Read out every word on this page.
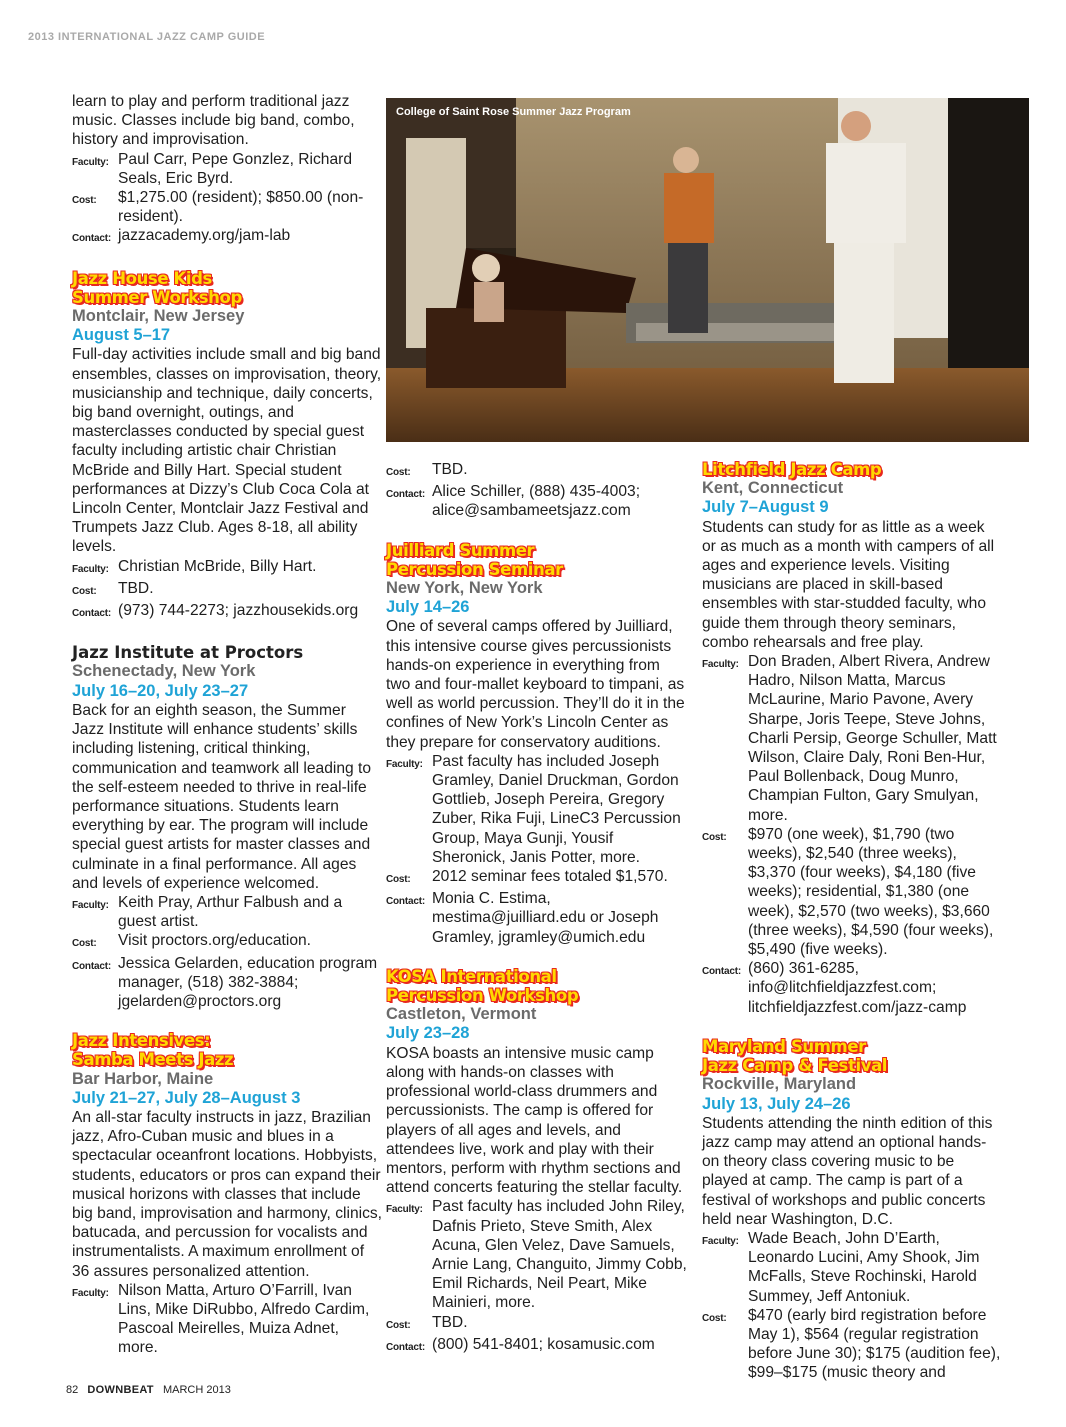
2013 INTERNATIONAL JAZZ CAMP GUIDE
learn to play and perform traditional jazz music. Classes include big band, combo, history and improvisation.
Faculty: Paul Carr, Pepe Gonzlez, Richard Seals, Eric Byrd.
Cost:	$1,275.00 (resident); $850.00 (non-resident).
Contact: jazzacademy.org/jam-lab
Jazz House Kids
Summer Workshop
Montclair, New Jersey
August 5–17
Full-day activities include small and big band ensembles, classes on improvisation, theory, musicianship and technique, daily concerts, big band overnight, outings, and masterclasses conducted by special guest faculty including artistic chair Christian McBride and Billy Hart. Special student performances at Dizzy’s Club Coca Cola at Lincoln Center, Montclair Jazz Festival and Trumpets Jazz Club. Ages 8-18, all ability levels.
Faculty: Christian McBride, Billy Hart.
Cost:	TBD.
Contact: (973) 744-2273; jazzhousekids.org
Jazz Institute at Proctors
Schenectady, New York
July 16–20, July 23–27
Back for an eighth season, the Summer Jazz Institute will enhance students’ skills including listening, critical thinking, communication and teamwork all leading to the self-esteem needed to thrive in real-life performance situations. Students learn everything by ear. The program will include special guest artists for master classes and culminate in a final performance. All ages and levels of experience welcomed.
Faculty: Keith Pray, Arthur Falbush and a guest artist.
Cost:	Visit proctors.org/education.
Contact: Jessica Gelarden, education program manager, (518) 382-3884; jgelarden@proctors.org
Jazz Intensives:
Samba Meets Jazz
Bar Harbor, Maine
July 21–27, July 28–August 3
An all-star faculty instructs in jazz, Brazilian jazz, Afro-Cuban music and blues in a spectacular oceanfront locations. Hobbyists, students, educators or pros can expand their musical horizons with classes that include big band, improvisation and harmony, clinics, batucada, and percussion for vocalists and instrumentalists. A maximum enrollment of 36 assures personalized attention.
Faculty: Nilson Matta, Arturo O’Farrill, Ivan Lins, Mike DiRubbo, Alfredo Cardim, Pascoal Meirelles, Muiza Adnet, more.
College of Saint Rose Summer Jazz Program
Cost:	TBD.
Contact: Alice Schiller, (888) 435-4003; alice@sambameetsjazz.com
Juilliard Summer
Percussion Seminar
New York, New York
July 14–26
One of several camps offered by Juilliard, this intensive course gives percussionists hands-on experience in everything from two and four-mallet keyboard to timpani, as well as world percussion. They’ll do it in the confines of New York’s Lincoln Center as they prepare for conservatory auditions.
Faculty: Past faculty has included Joseph Gramley, Daniel Druckman, Gordon Gottlieb, Joseph Pereira, Gregory Zuber, Rika Fuji, LineC3 Percussion Group, Maya Gunji, Yousif Sheronick, Janis Potter, more.
Cost:	2012 seminar fees totaled $1,570.
Contact: Monia C. Estima, mestima@juilliard.edu or Joseph Gramley, jgramley@umich.edu
KOSA International
Percussion Workshop
Castleton, Vermont
July 23–28
KOSA boasts an intensive music camp along with hands-on classes with professional world-class drummers and percussionists. The camp is offered for players of all ages and levels, and attendees live, work and play with their mentors, perform with rhythm sections and attend concerts featuring the stellar faculty.
Faculty: Past faculty has included John Riley, Dafnis Prieto, Steve Smith, Alex Acuna, Glen Velez, Dave Samuels, Arnie Lang, Changuito, Jimmy Cobb, Emil Richards, Neil Peart, Mike Mainieri, more.
Cost:	TBD.
Contact: (800) 541-8401; kosamusic.com
Litchfield Jazz Camp
Kent, Connecticut
July 7–August 9
Students can study for as little as a week or as much as a month with campers of all ages and experience levels. Visiting musicians are placed in skill-based ensembles with star-studded faculty, who guide them through theory seminars, combo rehearsals and free play.
Faculty: Don Braden, Albert Rivera, Andrew Hadro, Nilson Matta, Marcus McLaurine, Mario Pavone, Avery Sharpe, Joris Teepe, Steve Johns, Charli Persip, George Schuller, Matt Wilson, Claire Daly, Roni Ben-Hur, Paul Bollenback, Doug Munro, Champian Fulton, Gary Smulyan, more.
Cost:	$970 (one week), $1,790 (two weeks), $2,540 (three weeks), $3,370 (four weeks), $4,180 (five weeks); residential, $1,380 (one week), $2,570 (two weeks), $3,660 (three weeks), $4,590 (four weeks), $5,490 (five weeks).
Contact: (860) 361-6285, info@litchfieldjazzfest.com; litchfieldjazzfest.com/jazz-camp
Maryland Summer
Jazz Camp & Festival
Rockville, Maryland
July 13, July 24–26
Students attending the ninth edition of this jazz camp may attend an optional hands-on theory class covering music to be played at camp. The camp is part of a festival of workshops and public concerts held near Washington, D.C.
Faculty: Wade Beach, John D’Earth, Leonardo Lucini, Amy Shook, Jim McFalls, Steve Rochinski, Harold Summey, Jeff Antoniuk.
Cost:	$470 (early bird registration before May 1), $564 (regular registration before June 30); $175 (audition fee), $99–$175 (music theory and
82 DOWNBEAT MARCH 2013
